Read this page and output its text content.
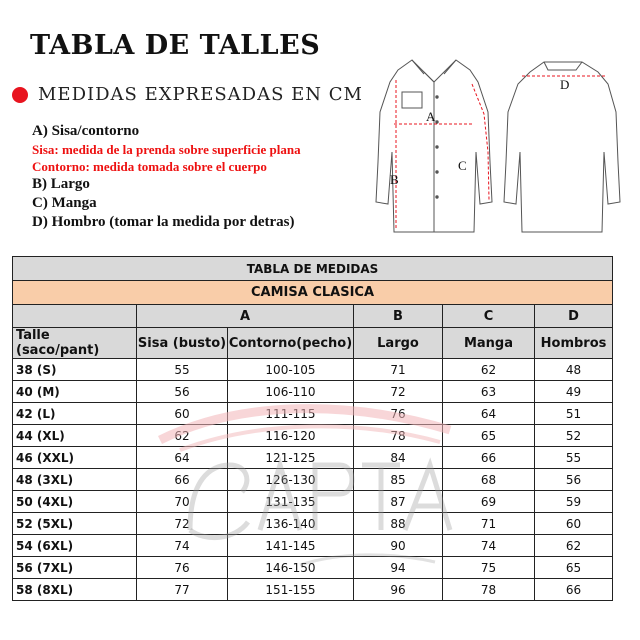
TABLA DE TALLES
MEDIDAS EXPRESADAS EN CM
A) Sisa/contorno
Sisa: medida de la prenda sobre superficie plana
Contorno: medida tomada sobre el cuerpo
B) Largo
C) Manga
D) Hombro (tomar la medida por detras)
A
B
C
D
TABLA DE MEDIDAS					
CAMISA CLASICA					
	A		B	C	D
Talle (saco/pant)	Sisa (busto)	Contorno(pecho)	Largo	Manga	Hombros
38 (S)	55	100-105	71	62	48
40 (M)	56	106-110	72	63	49
42 (L)	60	111-115	76	64	51
44 (XL)	62	116-120	78	65	52
46 (XXL)	64	121-125	84	66	55
48 (3XL)	66	126-130	85	68	56
50 (4XL)	70	131-135	87	69	59
52 (5XL)	72	136-140	88	71	60
54 (6XL)	74	141-145	90	74	62
56 (7XL)	76	146-150	94	75	65
58 (8XL)	77	151-155	96	78	66
